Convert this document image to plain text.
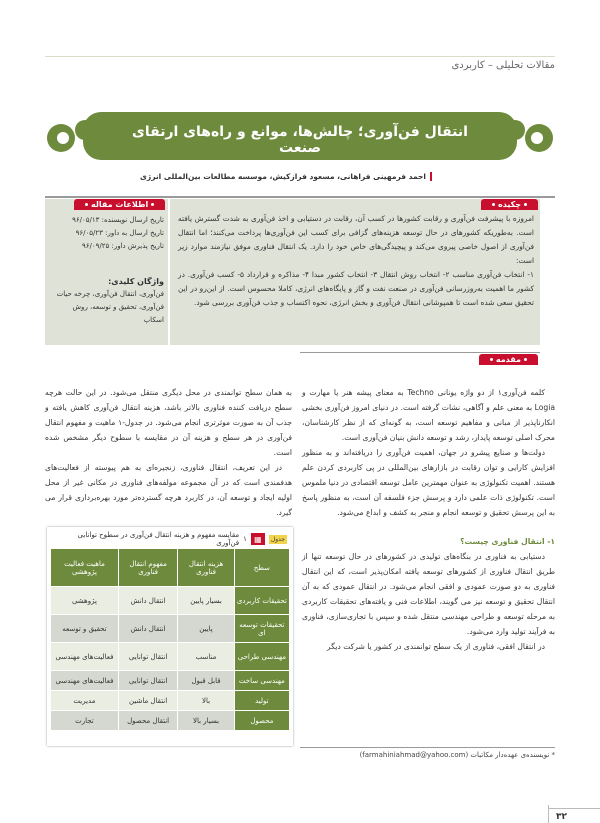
مقالات تحلیلی – کاربردی
انتقال فن‌آوری؛ چالش‌ها، موانع و راه‌های ارتقای صنعت
احمد فرمهینی فراهانی، مسعود فرازکیش، موسسه مطالعات بین‌المللی انرژی
چکیده
اطلاعات مقاله

امروزه با پیشرفت فن‌آوری و رقابت کشورها در کسب آن، رقابت در دستیابی و اخذ فن‌آوری به شدت گسترش یافته است. به‌طوریکه کشورهای در حال توسعه هزینه‌های گزافی برای کسب این فن‌آوری‌ها پرداخت می‌کنند؛ اما انتقال فن‌آوری از اصول خاصی پیروی می‌کند و پیچیدگی‌های خاص خود را دارد. یک انتقال فناوری موفق نیازمند موارد زیر است:

۱- انتخاب فن‌آوری مناسب ۲- انتخاب روش انتقال ۳- انتخاب کشور مبدا ۴- مذاکره و قرارداد ۵- کسب فن‌آوری. در کشور ما اهمیت به‌روزرسانی فن‌آوری در صنعت نفت و گاز و پایگاه‌های انرژی، کاملا محسوس است. از این‌رو در این تحقیق سعی شده است تا همپوشانی انتقال فن‌آوری و بخش انرژی، نحوه اکتساب و جذب فن‌آوری بررسی شود.

تاریخ ارسال نویسنده: ۹۶/۰۵/۱۳
تاریخ ارسال به داور: ۹۶/۰۵/۲۳
تاریخ پذیرش داور: ۹۶/۰۹/۲۵
واژگان کلیدی:
فن‌آوری، انتقال فن‌آوری، چرخه حیات فن‌آوری، تحقیق و توسعه، روش اسکاپ
مقدمه

کلمه فن‌آوری۱ از دو واژه یونانی Techno به معنای پیشه هنر یا مهارت و Logia به معنی علم و آگاهی، نشات گرفته است. در دنیای امروز فن‌آوری بخشی انکارناپذیر از مبانی و مفاهیم توسعه است، به گونه‌ای که از نظر کارشناسان، محرک اصلی توسعه پایدار، رشد و توسعه دانش بنیان فن‌آوری است.

دولت‌ها و صنایع پیشرو در جهان، اهمیت فن‌آوری را دریافته‌اند و به منظور افزایش کارایی و توان رقابت در بازارهای بین‌المللی در پی کاربردی کردن علم هستند. اهمیت تکنولوژی به عنوان مهمترین عامل توسعه اقتصادی در دنیا ملموس است. تکنولوژی ذات علمی دارد و پرسش جزء فلسفه آن است، به منظور پاسخ به این پرسش تحقیق و توسعه انجام و منجر به کشف و ابداع می‌شود.

۱- انتقال فناوری چیست؟

دستیابی به فناوری در بنگاه‌های تولیدی در کشورهای در حال توسعه تنها از طریق انتقال فناوری از کشورهای توسعه یافته امکان‌پذیر است، که این انتقال فناوری به دو صورت عمودی و افقی انجام می‌شود. در انتقال عمودی که به آن انتقال تحقیق و توسعه نیز می گویند، اطلاعات فنی و یافته‌های تحقیقات کاربردی به مرحله توسعه و طراحی مهندسی منتقل شده و سپس با تجاری‌سازی، فناوری به فرآیند تولید وارد می‌شود.

در انتقال افقی، فناوری از یک سطح توانمندی در کشور یا شرکت دیگر

به همان سطح توانمندی در محل دیگری منتقل می‌شود. در این حالت هرچه سطح دریافت کننده فناوری بالاتر باشد، هزینه انتقال فن‌آوری کاهش یافته و جذب آن به صورت موثرتری انجام می‌شود. در جدول-۱ ماهیت و مفهوم انتقال فن‌آوری در هر سطح و هزینه آن در مقایسه با سطوح دیگر مشخص شده است.

در این تعریف، انتقال فناوری، زنجیره‌ای به هم پیوسته از فعالیت‌های هدفمندی است که در آن مجموعه مولفه‌های فناوری در مکانی غیر از محل اولیه ایجاد و توسعه آن، در کاربرد هرچه گسترده‌تر مورد بهره‌برداری قرار می گیرد.

جدول
▦
۱
مقایسه مفهوم و هزینه انتقال فن‌آوری در سطوح توانایی فن‌آوری
سطح	هزینه انتقال فناوری	مفهوم انتقال فناوری	ماهیت فعالیت پژوهشی
تحقیقات کاربردی	بسیار پایین	انتقال دانش	پژوهشی
تحقیقات توسعه ای	پایین	انتقال دانش	تحقیق و توسعه
مهندسی طراحی	مناسب	انتقال توانایی	فعالیت‌های مهندسی
مهندسی ساخت	قابل قبول	انتقال توانایی	فعالیت‌های مهندسی
تولید	بالا	انتقال ماشین	مدیریت
محصول	بسیار بالا	انتقال محصول	تجارت
* نویسنده‌ی عهده‌دار مکاتبات (farmahiniahmad@yahoo.com)
۳۲
